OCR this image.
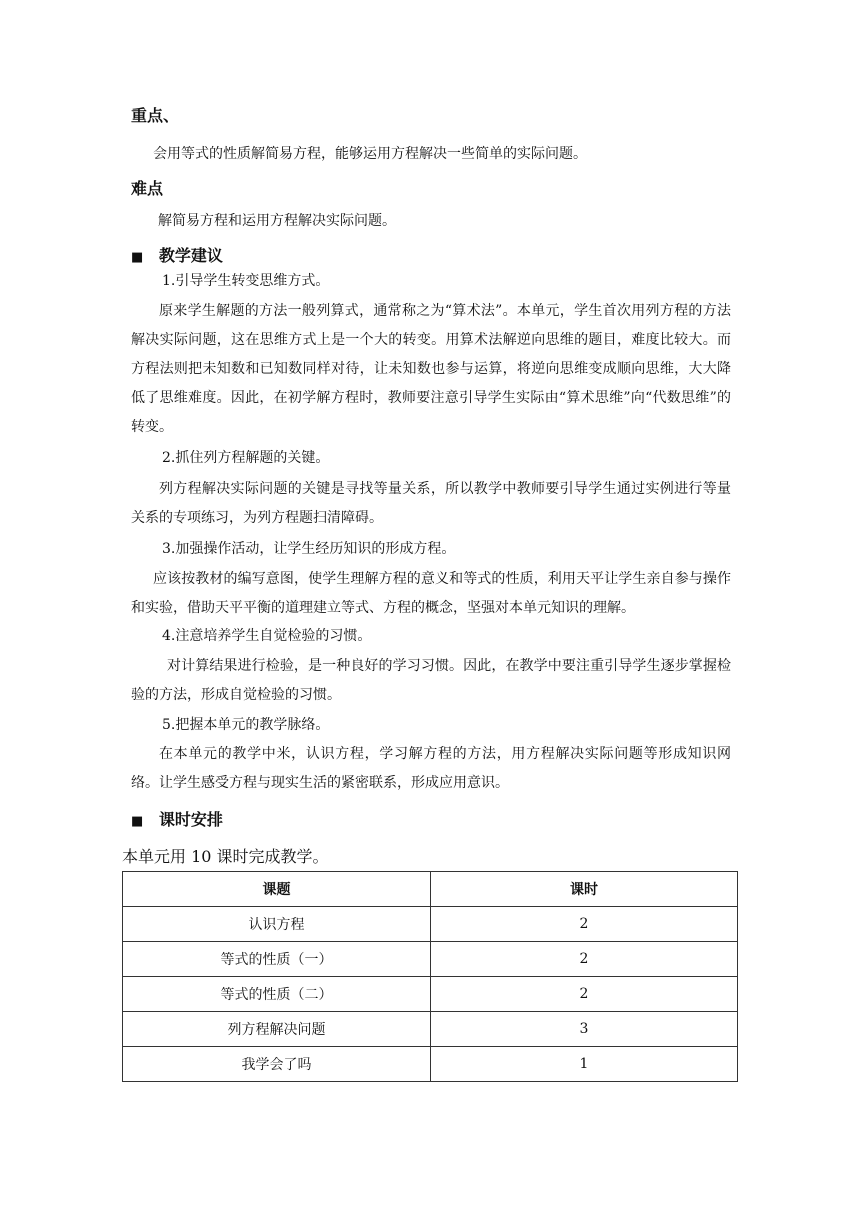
重点、

会用等式的性质解简易方程，能够运用方程解决一些简单的实际问题。

难点

解简易方程和运用方程解决实际问题。

■ 教学建议

1.引导学生转变思维方式。

原来学生解题的方法一般列算式，通常称之为“算术法”。本单元，学生首次用列方程的方法解决实际问题，这在思维方式上是一个大的转变。用算术法解逆向思维的题目，难度比较大。而方程法则把未知数和已知数同样对待，让未知数也参与运算，将逆向思维变成顺向思维，大大降低了思维难度。因此，在初学解方程时，教师要注意引导学生实际由“算术思维”向“代数思维”的转变。

2.抓住列方程解题的关键。

列方程解决实际问题的关键是寻找等量关系，所以教学中教师要引导学生通过实例进行等量关系的专项练习，为列方程题扫清障碍。

3.加强操作活动，让学生经历知识的形成方程。

应该按教材的编写意图，使学生理解方程的意义和等式的性质，利用天平让学生亲自参与操作和实验，借助天平平衡的道理建立等式、方程的概念，坚强对本单元知识的理解。

4.注意培养学生自觉检验的习惯。

对计算结果进行检验，是一种良好的学习习惯。因此，在教学中要注重引导学生逐步掌握检验的方法，形成自觉检验的习惯。

5.把握本单元的教学脉络。

在本单元的教学中米，认识方程，学习解方程的方法，用方程解决实际问题等形成知识网络。让学生感受方程与现实生活的紧密联系，形成应用意识。

■ 课时安排

本单元用 10 课时完成教学。

课题	课时
认识方程	2
等式的性质（一）	2
等式的性质（二）	2
列方程解决问题	3
我学会了吗	1
